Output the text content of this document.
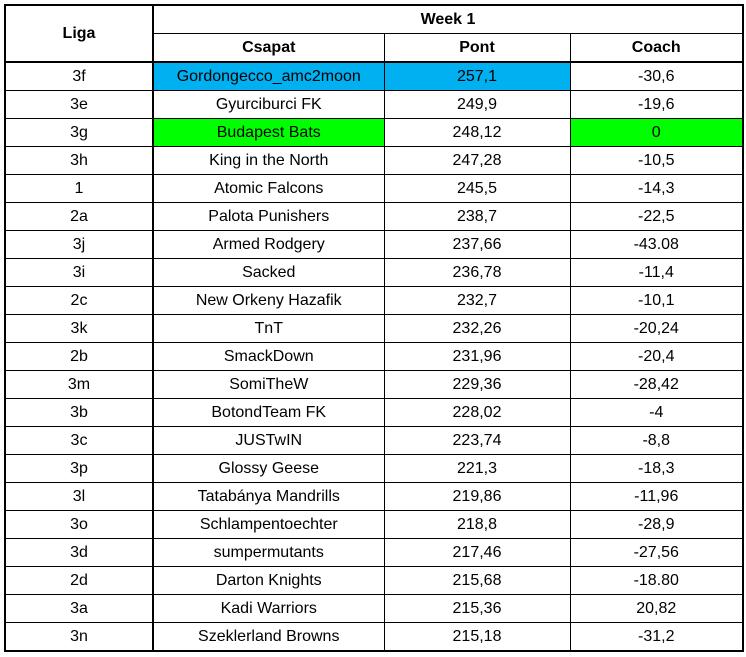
Liga	Week 1		
	Csapat	Pont	Coach
3f	Gordongecco_amc2moon	257,1	-30,6
3e	Gyurciburci FK	249,9	-19,6
3g	Budapest Bats	248,12	0
3h	King in the North	247,28	-10,5
1	Atomic Falcons	245,5	-14,3
2a	Palota Punishers	238,7	-22,5
3j	Armed Rodgery	237,66	-43.08
3i	Sacked	236,78	-11,4
2c	New Orkeny Hazafik	232,7	-10,1
3k	TnT	232,26	-20,24
2b	SmackDown	231,96	-20,4
3m	SomiTheW	229,36	-28,42
3b	BotondTeam FK	228,02	-4
3c	JUSTwIN	223,74	-8,8
3p	Glossy Geese	221,3	-18,3
3l	Tatabánya Mandrills	219,86	-11,96
3o	Schlampentoechter	218,8	-28,9
3d	sumpermutants	217,46	-27,56
2d	Darton Knights	215,68	-18.80
3a	Kadi Warriors	215,36	20,82
3n	Szeklerland Browns	215,18	-31,2
